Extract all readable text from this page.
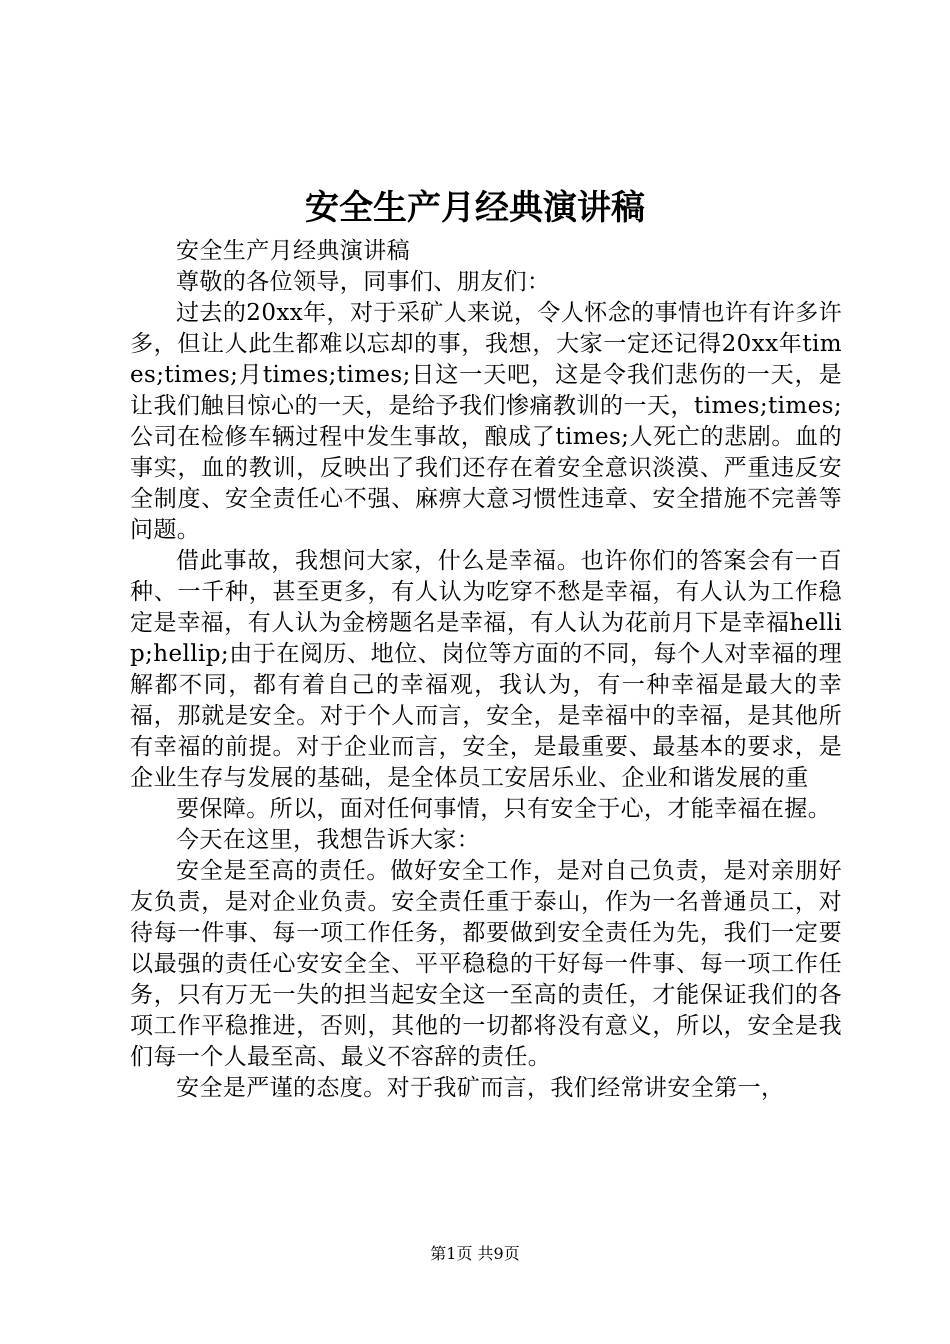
安全生产月经典演讲稿

安全生产月经典演讲稿

尊敬的各位领导，同事们、朋友们：

过去的20xx年，对于采矿人来说，令人怀念的事情也许有许多许多，但让人此生都难以忘却的事，我想，大家一定还记得20xx年times;times;月times;times;日这一天吧，这是令我们悲伤的一天，是让我们触目惊心的一天，是给予我们惨痛教训的一天，times;times;公司在检修车辆过程中发生事故，酿成了times;人死亡的悲剧。血的事实，血的教训，反映出了我们还存在着安全意识淡漠、严重违反安全制度、安全责任心不强、麻痹大意习惯性违章、安全措施不完善等问题。

借此事故，我想问大家，什么是幸福。也许你们的答案会有一百种、一千种，甚至更多，有人认为吃穿不愁是幸福，有人认为工作稳定是幸福，有人认为金榜题名是幸福，有人认为花前月下是幸福hellip;hellip;由于在阅历、地位、岗位等方面的不同，每个人对幸福的理解都不同，都有着自己的幸福观，我认为，有一种幸福是最大的幸福，那就是安全。对于个人而言，安全，是幸福中的幸福，是其他所有幸福的前提。对于企业而言，安全，是最重要、最基本的要求，是企业生存与发展的基础，是全体员工安居乐业、企业和谐发展的重

要保障。所以，面对任何事情，只有安全于心，才能幸福在握。

今天在这里，我想告诉大家：

安全是至高的责任。做好安全工作，是对自己负责，是对亲朋好友负责，是对企业负责。安全责任重于泰山，作为一名普通员工，对待每一件事、每一项工作任务，都要做到安全责任为先，我们一定要以最强的责任心安安全全、平平稳稳的干好每一件事、每一项工作任务，只有万无一失的担当起安全这一至高的责任，才能保证我们的各项工作平稳推进，否则，其他的一切都将没有意义，所以，安全是我们每一个人最至高、最义不容辞的责任。

安全是严谨的态度。对于我矿而言，我们经常讲安全第一，

第1页 共9页
